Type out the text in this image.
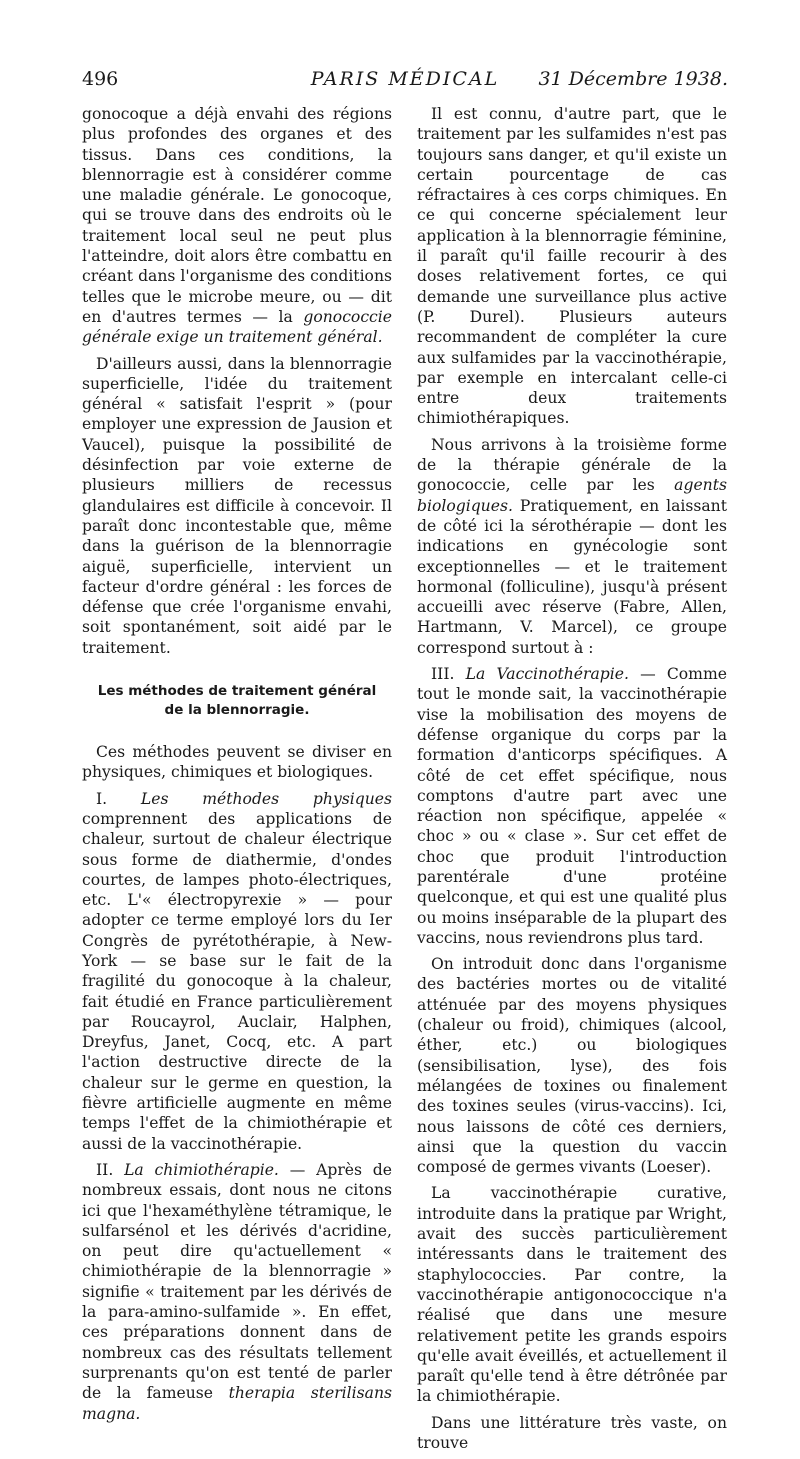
496	PARIS MÉDICAL	31 Décembre 1938.

gonocoque a déjà envahi des régions plus profondes des organes et des tissus. Dans ces conditions, la blennorragie est à considérer comme une maladie générale. Le gonocoque, qui se trouve dans des endroits où le traitement local seul ne peut plus l'atteindre, doit alors être combattu en créant dans l'organisme des conditions telles que le microbe meure, ou — dit en d'autres termes — la gonococcie générale exige un traitement général.

D'ailleurs aussi, dans la blennorragie superficielle, l'idée du traitement général « satisfait l'esprit » (pour employer une expression de Jausion et Vaucel), puisque la possibilité de désinfection par voie externe de plusieurs milliers de recessus glandulaires est difficile à concevoir. Il paraît donc incontestable que, même dans la guérison de la blennorragie aiguë, superficielle, intervient un facteur d'ordre général : les forces de défense que crée l'organisme envahi, soit spontanément, soit aidé par le traitement.

Les méthodes de traitement général
de la blennorragie.

Ces méthodes peuvent se diviser en physiques, chimiques et biologiques.

I. Les méthodes physiques comprennent des applications de chaleur, surtout de chaleur électrique sous forme de diathermie, d'ondes courtes, de lampes photo-électriques, etc. L'« électropyrexie » — pour adopter ce terme employé lors du Ier Congrès de pyrétothérapie, à New-York — se base sur le fait de la fragilité du gonocoque à la chaleur, fait étudié en France particulièrement par Roucayrol, Auclair, Halphen, Dreyfus, Janet, Cocq, etc. A part l'action destructive directe de la chaleur sur le germe en question, la fièvre artificielle augmente en même temps l'effet de la chimiothérapie et aussi de la vaccinothérapie.

II. La chimiothérapie. — Après de nombreux essais, dont nous ne citons ici que l'hexaméthylène tétramique, le sulfarsénol et les dérivés d'acridine, on peut dire qu'actuellement « chimiothérapie de la blennorragie » signifie « traitement par les dérivés de la para-amino-sulfamide ». En effet, ces préparations donnent dans de nombreux cas des résultats tellement surprenants qu'on est tenté de parler de la fameuse therapia sterilisans magna.

Il est connu, d'autre part, que le traitement par les sulfamides n'est pas toujours sans danger, et qu'il existe un certain pourcentage de cas réfractaires à ces corps chimiques. En ce qui concerne spécialement leur application à la blennorragie féminine, il paraît qu'il faille recourir à des doses relativement fortes, ce qui demande une surveillance plus active (P. Durel). Plusieurs auteurs recommandent de compléter la cure aux sulfamides par la vaccinothérapie, par exemple en intercalant celle-ci entre deux traitements chimiothérapiques.

Nous arrivons à la troisième forme de la thérapie générale de la gonococcie, celle par les agents biologiques. Pratiquement, en laissant de côté ici la sérothérapie — dont les indications en gynécologie sont exceptionnelles — et le traitement hormonal (folliculine), jusqu'à présent accueilli avec réserve (Fabre, Allen, Hartmann, V. Marcel), ce groupe correspond surtout à :

III. La Vaccinothérapie. — Comme tout le monde sait, la vaccinothérapie vise la mobilisation des moyens de défense organique du corps par la formation d'anticorps spécifiques. A côté de cet effet spécifique, nous comptons d'autre part avec une réaction non spécifique, appelée « choc » ou « clase ». Sur cet effet de choc que produit l'introduction parentérale d'une protéine quelconque, et qui est une qualité plus ou moins inséparable de la plupart des vaccins, nous reviendrons plus tard.

On introduit donc dans l'organisme des bactéries mortes ou de vitalité atténuée par des moyens physiques (chaleur ou froid), chimiques (alcool, éther, etc.) ou biologiques (sensibilisation, lyse), des fois mélangées de toxines ou finalement des toxines seules (virus-vaccins). Ici, nous laissons de côté ces derniers, ainsi que la question du vaccin composé de germes vivants (Loeser).

La vaccinothérapie curative, introduite dans la pratique par Wright, avait des succès particulièrement intéressants dans le traitement des staphylococcies. Par contre, la vaccinothérapie antigonococcique n'a réalisé que dans une mesure relativement petite les grands espoirs qu'elle avait éveillés, et actuellement il paraît qu'elle tend à être détrônée par la chimiothérapie.

Dans une littérature très vaste, on trouve
